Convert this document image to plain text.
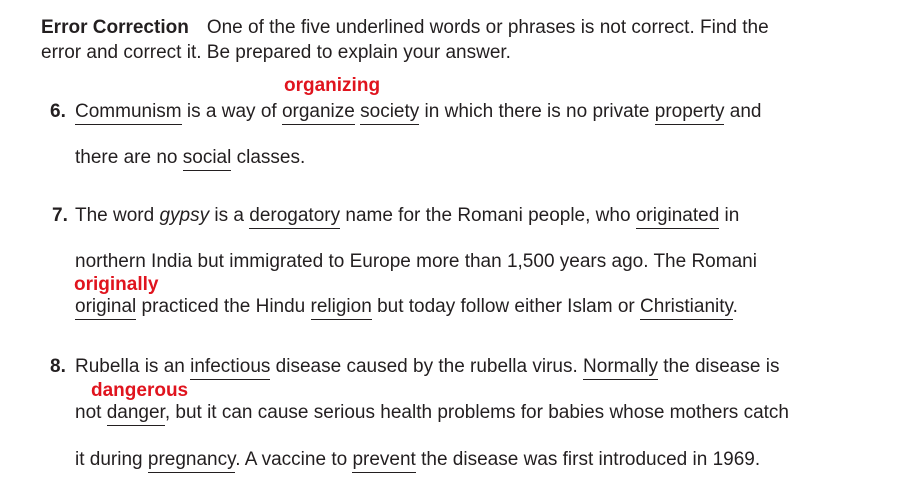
Error Correction One of the five underlined words or phrases is not correct. Find the
error and correct it. Be prepared to explain your answer.
organizing
6. Communism is a way of organize society in which there is no private property and
there are no social classes.
7. The word gypsy is a derogatory name for the Romani people, who originated in
northern India but immigrated to Europe more than 1,500 years ago. The Romani
originally
original practiced the Hindu religion but today follow either Islam or Christianity.
8. Rubella is an infectious disease caused by the rubella virus. Normally the disease is
dangerous
not danger, but it can cause serious health problems for babies whose mothers catch
it during pregnancy. A vaccine to prevent the disease was first introduced in 1969.
